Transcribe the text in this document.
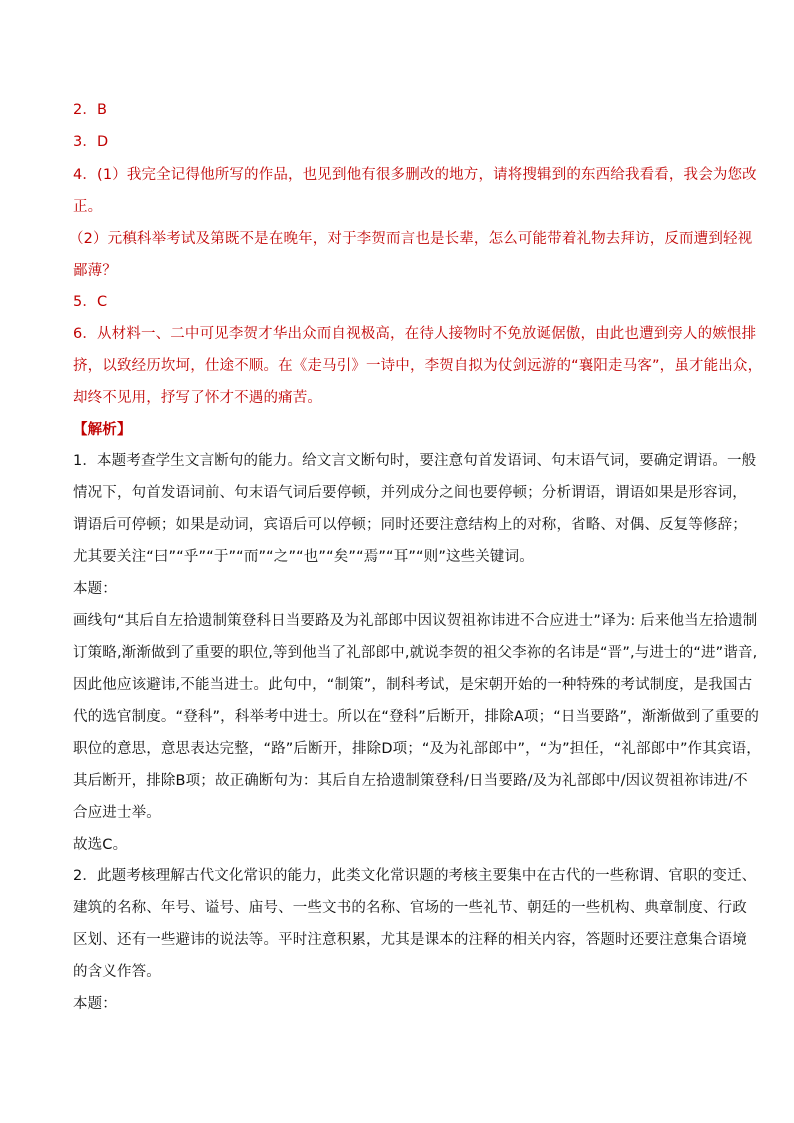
2．B
3．D
4．(1）我完全记得他所写的作品，也见到他有很多删改的地方，请将搜辑到的东西给我看看，我会为您改
正。
（2）元稹科举考试及第既不是在晚年，对于李贺而言也是长辈，怎么可能带着礼物去拜访，反而遭到轻视
鄙薄？
5．C
6．从材料一、二中可见李贺才华出众而自视极高，在待人接物时不免放诞倨傲，由此也遭到旁人的嫉恨排
挤，以致经历坎坷，仕途不顺。在《走马引》一诗中，李贺自拟为仗剑远游的“襄阳走马客”，虽才能出众，
却终不见用，抒写了怀才不遇的痛苦。
【解析】
1．本题考查学生文言断句的能力。给文言文断句时，要注意句首发语词、句末语气词，要确定谓语。一般
情况下，句首发语词前、句末语气词后要停顿，并列成分之间也要停顿；分析谓语，谓语如果是形容词，
谓语后可停顿；如果是动词，宾语后可以停顿；同时还要注意结构上的对称，省略、对偶、反复等修辞；
尤其要关注“曰”“乎”“于”“而”“之”“也”“矣”“焉”“耳”“则”这些关键词。
本题：
画线句“其后自左拾遗制策登科日当要路及为礼部郎中因议贺祖祢讳进不合应进士”译为: 后来他当左拾遗制
订策略,渐渐做到了重要的职位,等到他当了礼部郎中,就说李贺的祖父李祢的名讳是“晋”,与进士的“进”谐音,
因此他应该避讳,不能当进士。此句中，“制策”，制科考试，是宋朝开始的一种特殊的考试制度，是我国古
代的选官制度。“登科”，科举考中进士。所以在“登科”后断开，排除A项；“日当要路”，渐渐做到了重要的
职位的意思，意思表达完整，“路”后断开，排除D项；“及为礼部郎中”，“为”担任，“礼部郎中”作其宾语，
其后断开，排除B项；故正确断句为：其后自左拾遗制策登科/日当要路/及为礼部郎中/因议贺祖祢讳进/不
合应进士举。
故选C。
2．此题考核理解古代文化常识的能力，此类文化常识题的考核主要集中在古代的一些称谓、官职的变迁、
建筑的名称、年号、谥号、庙号、一些文书的名称、官场的一些礼节、朝廷的一些机构、典章制度、行政
区划、还有一些避讳的说法等。平时注意积累，尤其是课本的注释的相关内容，答题时还要注意集合语境
的含义作答。
本题：
